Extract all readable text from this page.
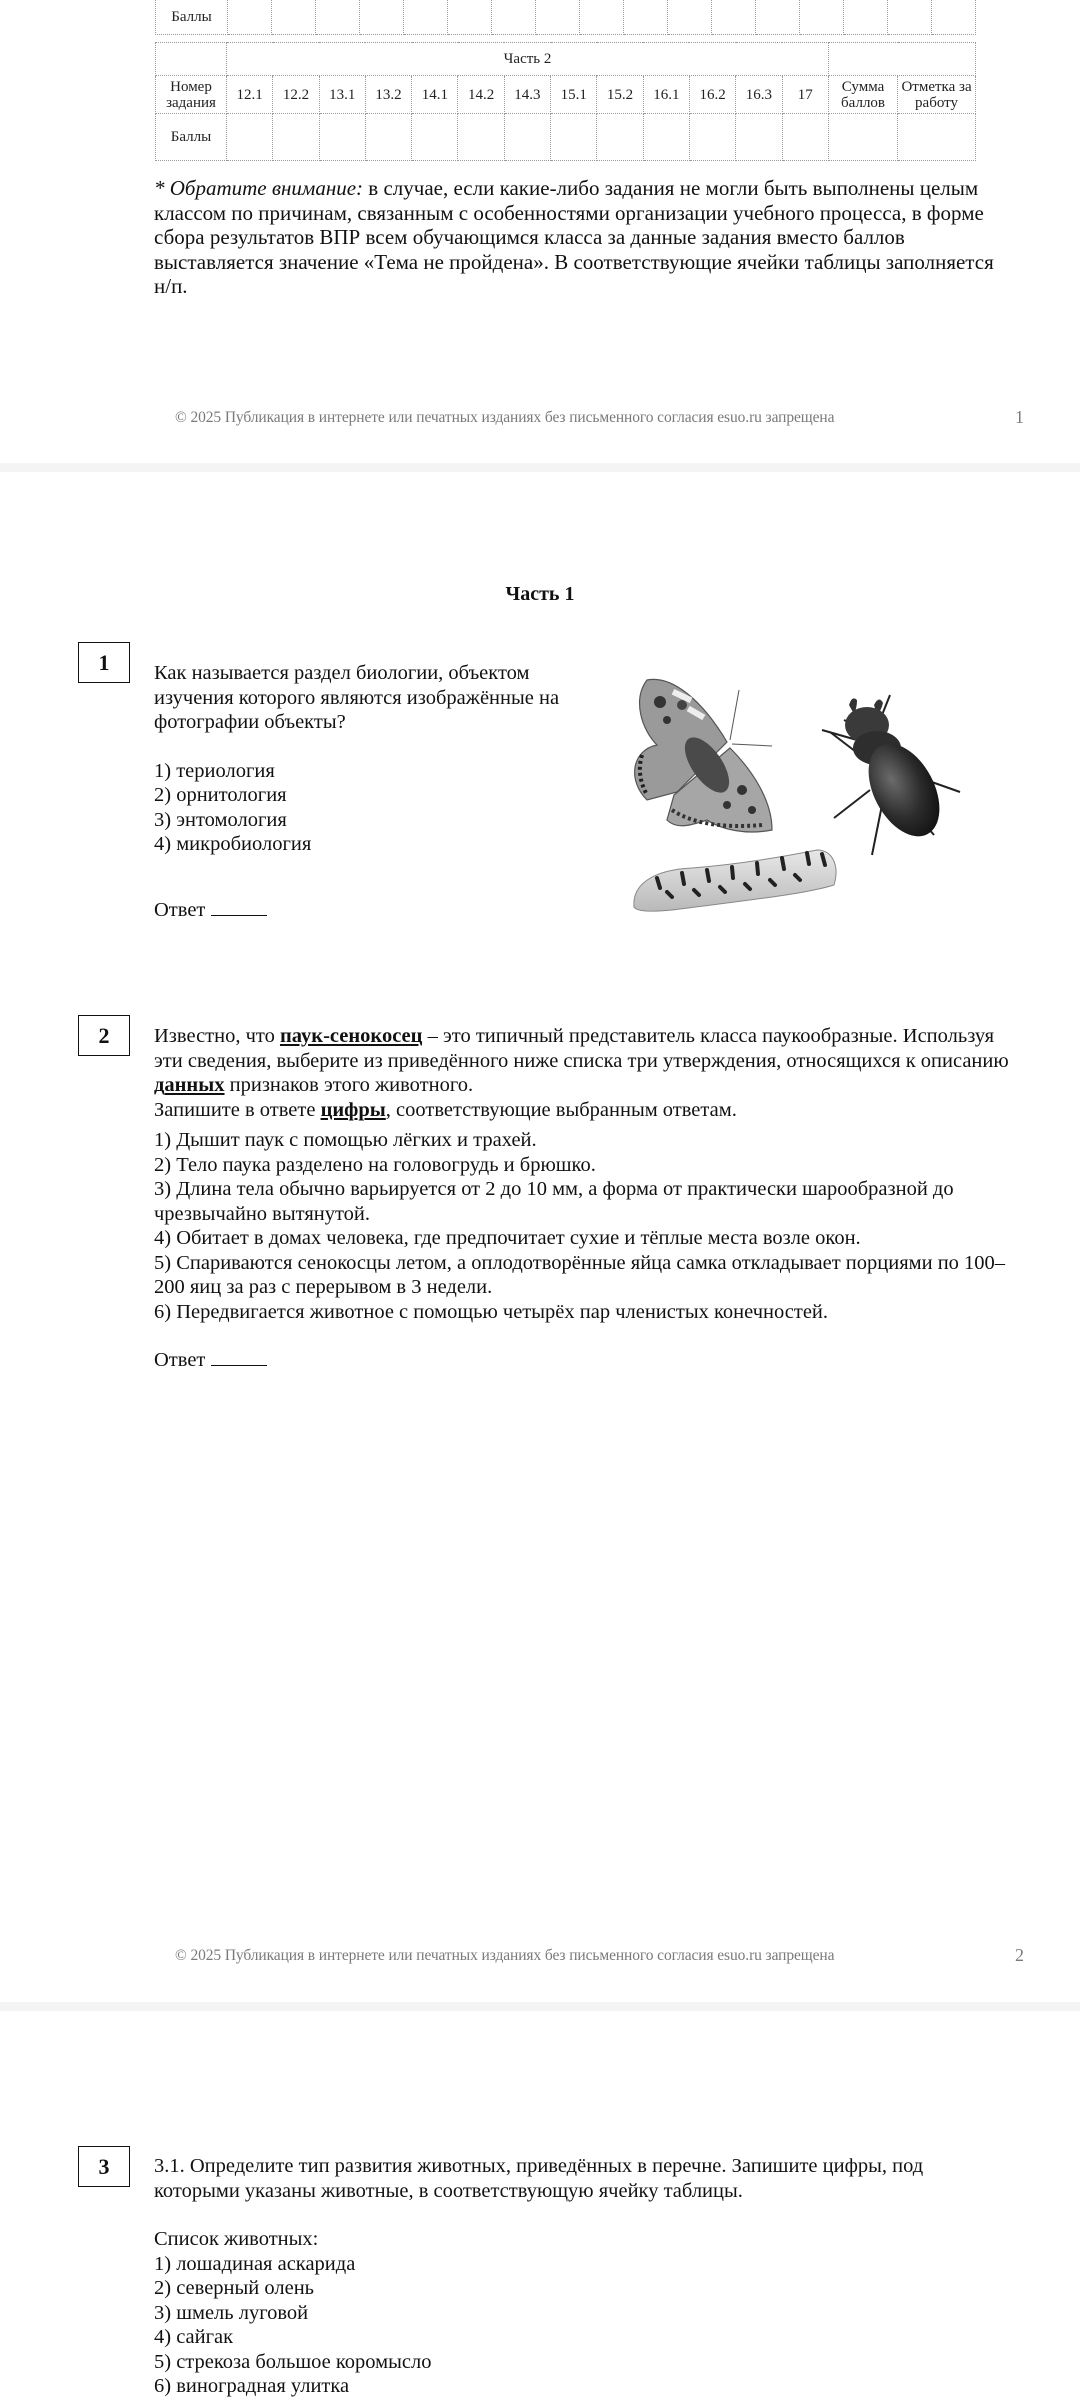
Баллы																	
	Часть 2														
Номер задания	12.1	12.2	13.1	13.2	14.1	14.2	14.3	15.1	15.2	16.1	16.2	16.3	17	Сумма баллов	Отметка за работу
Баллы															
* Обратите внимание: в случае, если какие-либо задания не могли быть выполнены целым классом по причинам, связанным с особенностями организации учебного процесса, в форме сбора результатов ВПР всем обучающимся класса за данные задания вместо баллов выставляется значение «Тема не пройдена». В соответствующие ячейки таблицы заполняется н/п.
© 2025 Публикация в интернете или печатных изданиях без письменного согласия esuo.ru запрещена	1
Часть 1
1	Как называется раздел биологии, объектом изучения которого являются изображённые на фотографии объекты?

1) териология

2) орнитология

3) энтомология

4) микробиология

Ответ

2	Известно, что паук-сенокосец – это типичный представитель класса паукообразные. Используя эти сведения, выберите из приведённого ниже списка три утверждения, относящихся к описанию данных признаков этого животного.

Запишите в ответе цифры, соответствующие выбранным ответам.

1) Дышит паук с помощью лёгких и трахей.

2) Тело паука разделено на головогрудь и брюшко.

3) Длина тела обычно варьируется от 2 до 10 мм, а форма от практически шарообразной до чрезвычайно вытянутой.

4) Обитает в домах человека, где предпочитает сухие и тёплые места возле окон.

5) Спариваются сенокосцы летом, а оплодотворённые яйца самка откладывает порциями по 100–200 яиц за раз с перерывом в 3 недели.

6) Передвигается животное с помощью четырёх пар членистых конечностей.

Ответ

© 2025 Публикация в интернете или печатных изданиях без письменного согласия esuo.ru запрещена	2
3	3.1. Определите тип развития животных, приведённых в перечне. Запишите цифры, под которыми указаны животные, в соответствующую ячейку таблицы.

Список животных:

1) лошадиная аскарида

2) северный олень

3) шмель луговой

4) сайгак

5) стрекоза большое коромысло

6) виноградная улитка
